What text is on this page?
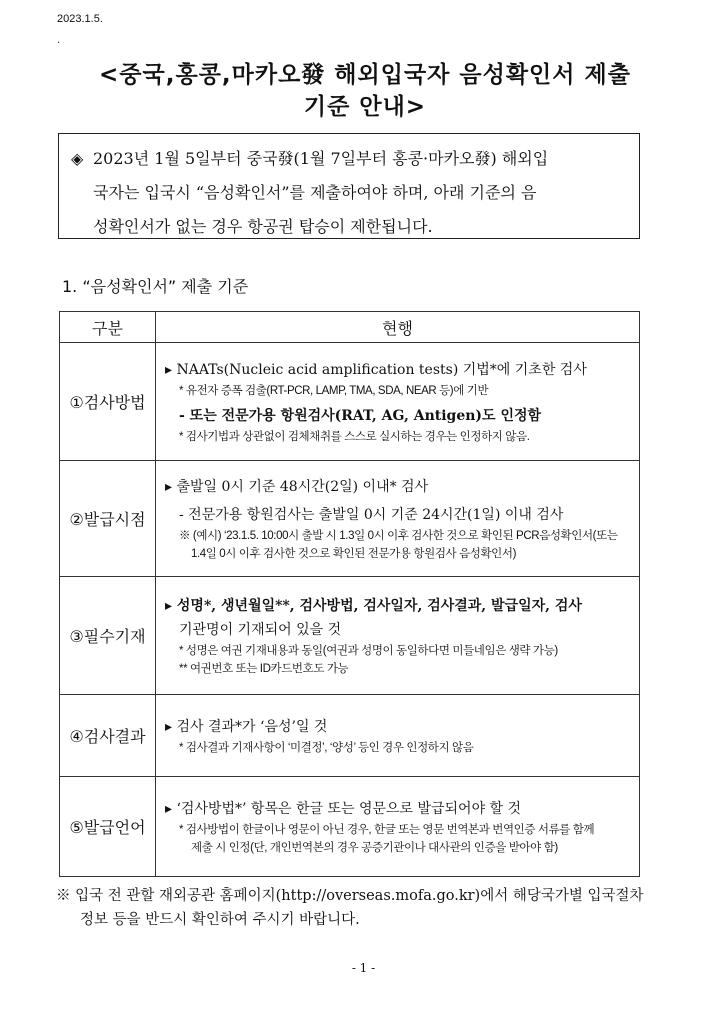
2023.1.5.
.
<중국,홍콩,마카오發 해외입국자 음성확인서 제출
기준 안내>
◈ 2023년 1월 5일부터 중국發(1월 7일부터 홍콩·마카오發) 해외입
국자는 입국시 “음성확인서”를 제출하여야 하며, 아래 기준의 음
성확인서가 없는 경우 항공권 탑승이 제한됩니다.
1. “음성확인서” 제출 기준
구분	현행
①검사방법	▸ NAATs(Nucleic acid amplification tests) 기법*에 기초한 검사
* 유전자 증폭 검출(RT-PCR, LAMP, TMA, SDA, NEAR 등)에 기반
- 또는 전문가용 항원검사(RAT, AG, Antigen)도 인정함
* 검사기법과 상관없이 검체채취를 스스로 실시하는 경우는 인정하지 않음.

②발급시점	▸ 출발일 0시 기준 48시간(2일) 이내* 검사
- 전문가용 항원검사는 출발일 0시 기준 24시간(1일) 이내 검사
※ (예시) ‘23.1.5. 10:00시 출발 시 1.3일 0시 이후 검사한 것으로 확인된 PCR음성확인서(또는
1.4일 0시 이후 검사한 것으로 확인된 전문가용 항원검사 음성확인서)

③필수기재	▸ 성명*, 생년월일**, 검사방법, 검사일자, 검사결과, 발급일자, 검사
기관명이 기재되어 있을 것
* 성명은 여권 기재내용과 동일(여권과 성명이 동일하다면 미들네임은 생략 가능)
** 여권번호 또는 ID카드번호도 가능

④검사결과	▸ 검사 결과*가 ‘음성’일 것
* 검사결과 기재사항이 ‘미결정’, ‘양성’ 등인 경우 인정하지 않음

⑤발급언어	▸ ‘검사방법*’ 항목은 한글 또는 영문으로 발급되어야 할 것
* 검사방법이 한글이나 영문이 아닌 경우, 한글 또는 영문 번역본과 번역인증 서류를 함께
제출 시 인정(단, 개인번역본의 경우 공증기관이나 대사관의 인증을 받아야 함)
※ 입국 전 관할 재외공관 홈페이지(http://overseas.mofa.go.kr)에서 해당국가별 입국절차
정보 등을 반드시 확인하여 주시기 바랍니다.
- 1 -
